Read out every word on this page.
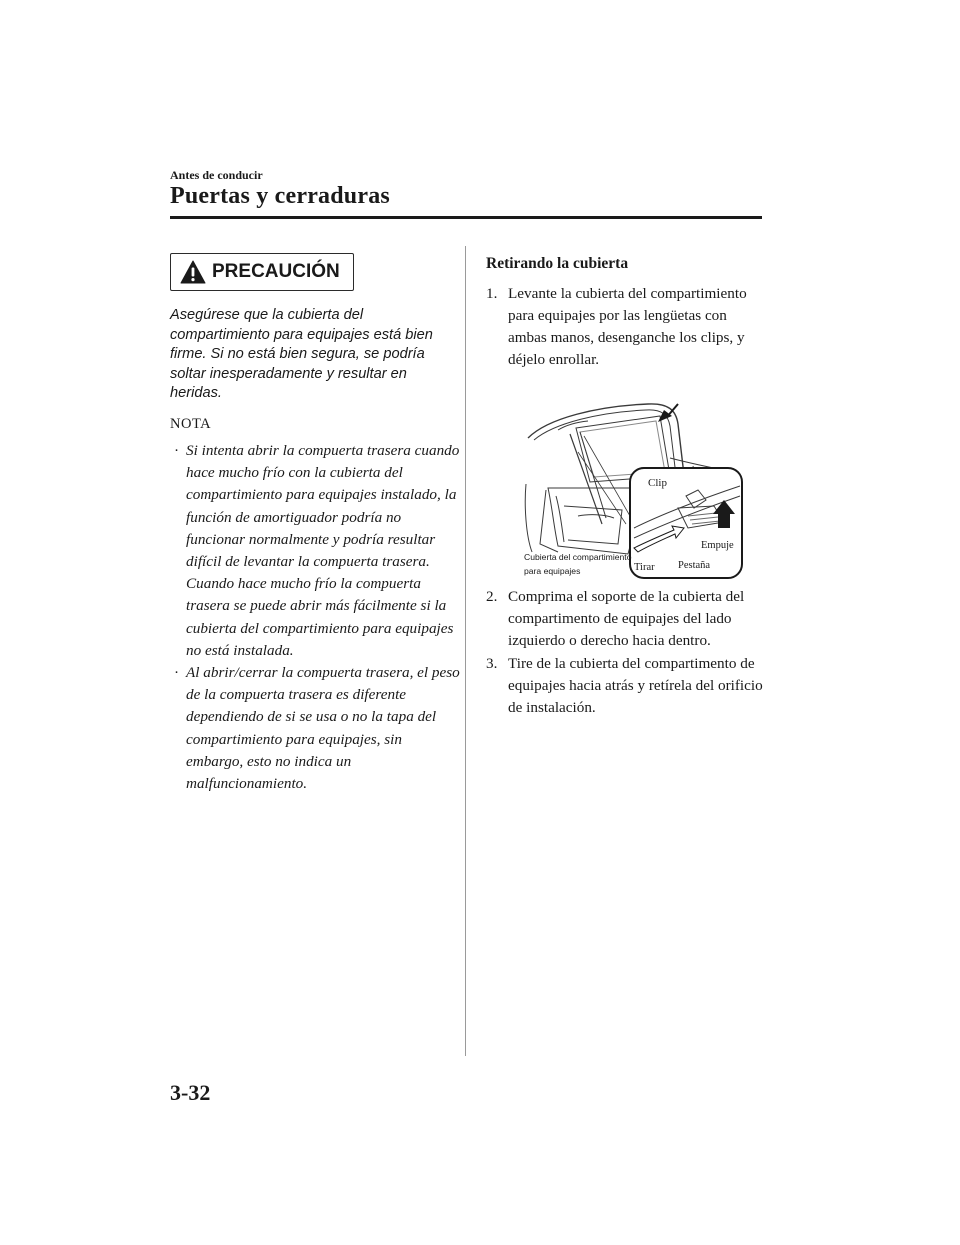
Antes de conducir
Puertas y cerraduras
PRECAUCIÓN
Asegúrese que la cubierta del compartimiento para equipajes está bien firme. Si no está bien segura, se podría soltar inesperadamente y resultar en heridas.
NOTA
· Si intenta abrir la compuerta trasera cuando hace mucho frío con la cubierta del compartimiento para equipajes instalado, la función de amortiguador podría no funcionar normalmente y podría resultar difícil de levantar la compuerta trasera. Cuando hace mucho frío la compuerta trasera se puede abrir más fácilmente si la cubierta del compartimiento para equipajes no está instalada.
· Al abrir/cerrar la compuerta trasera, el peso de la compuerta trasera es diferente dependiendo de si se usa o no la tapa del compartimiento para equipajes, sin embargo, esto no indica un malfuncionamiento.
Retirando la cubierta
1. Levante la cubierta del compartimiento para equipajes por las lengüetas con ambas manos, desenganche los clips, y déjelo enrollar.
Clip
Empuje
Cubierta del compartimiento
para equipajes	Tirar Pestaña
2. Comprima el soporte de la cubierta del compartimento de equipajes del lado izquierdo o derecho hacia dentro.
3. Tire de la cubierta del compartimento de equipajes hacia atrás y retírela del orificio de instalación.
3-32
